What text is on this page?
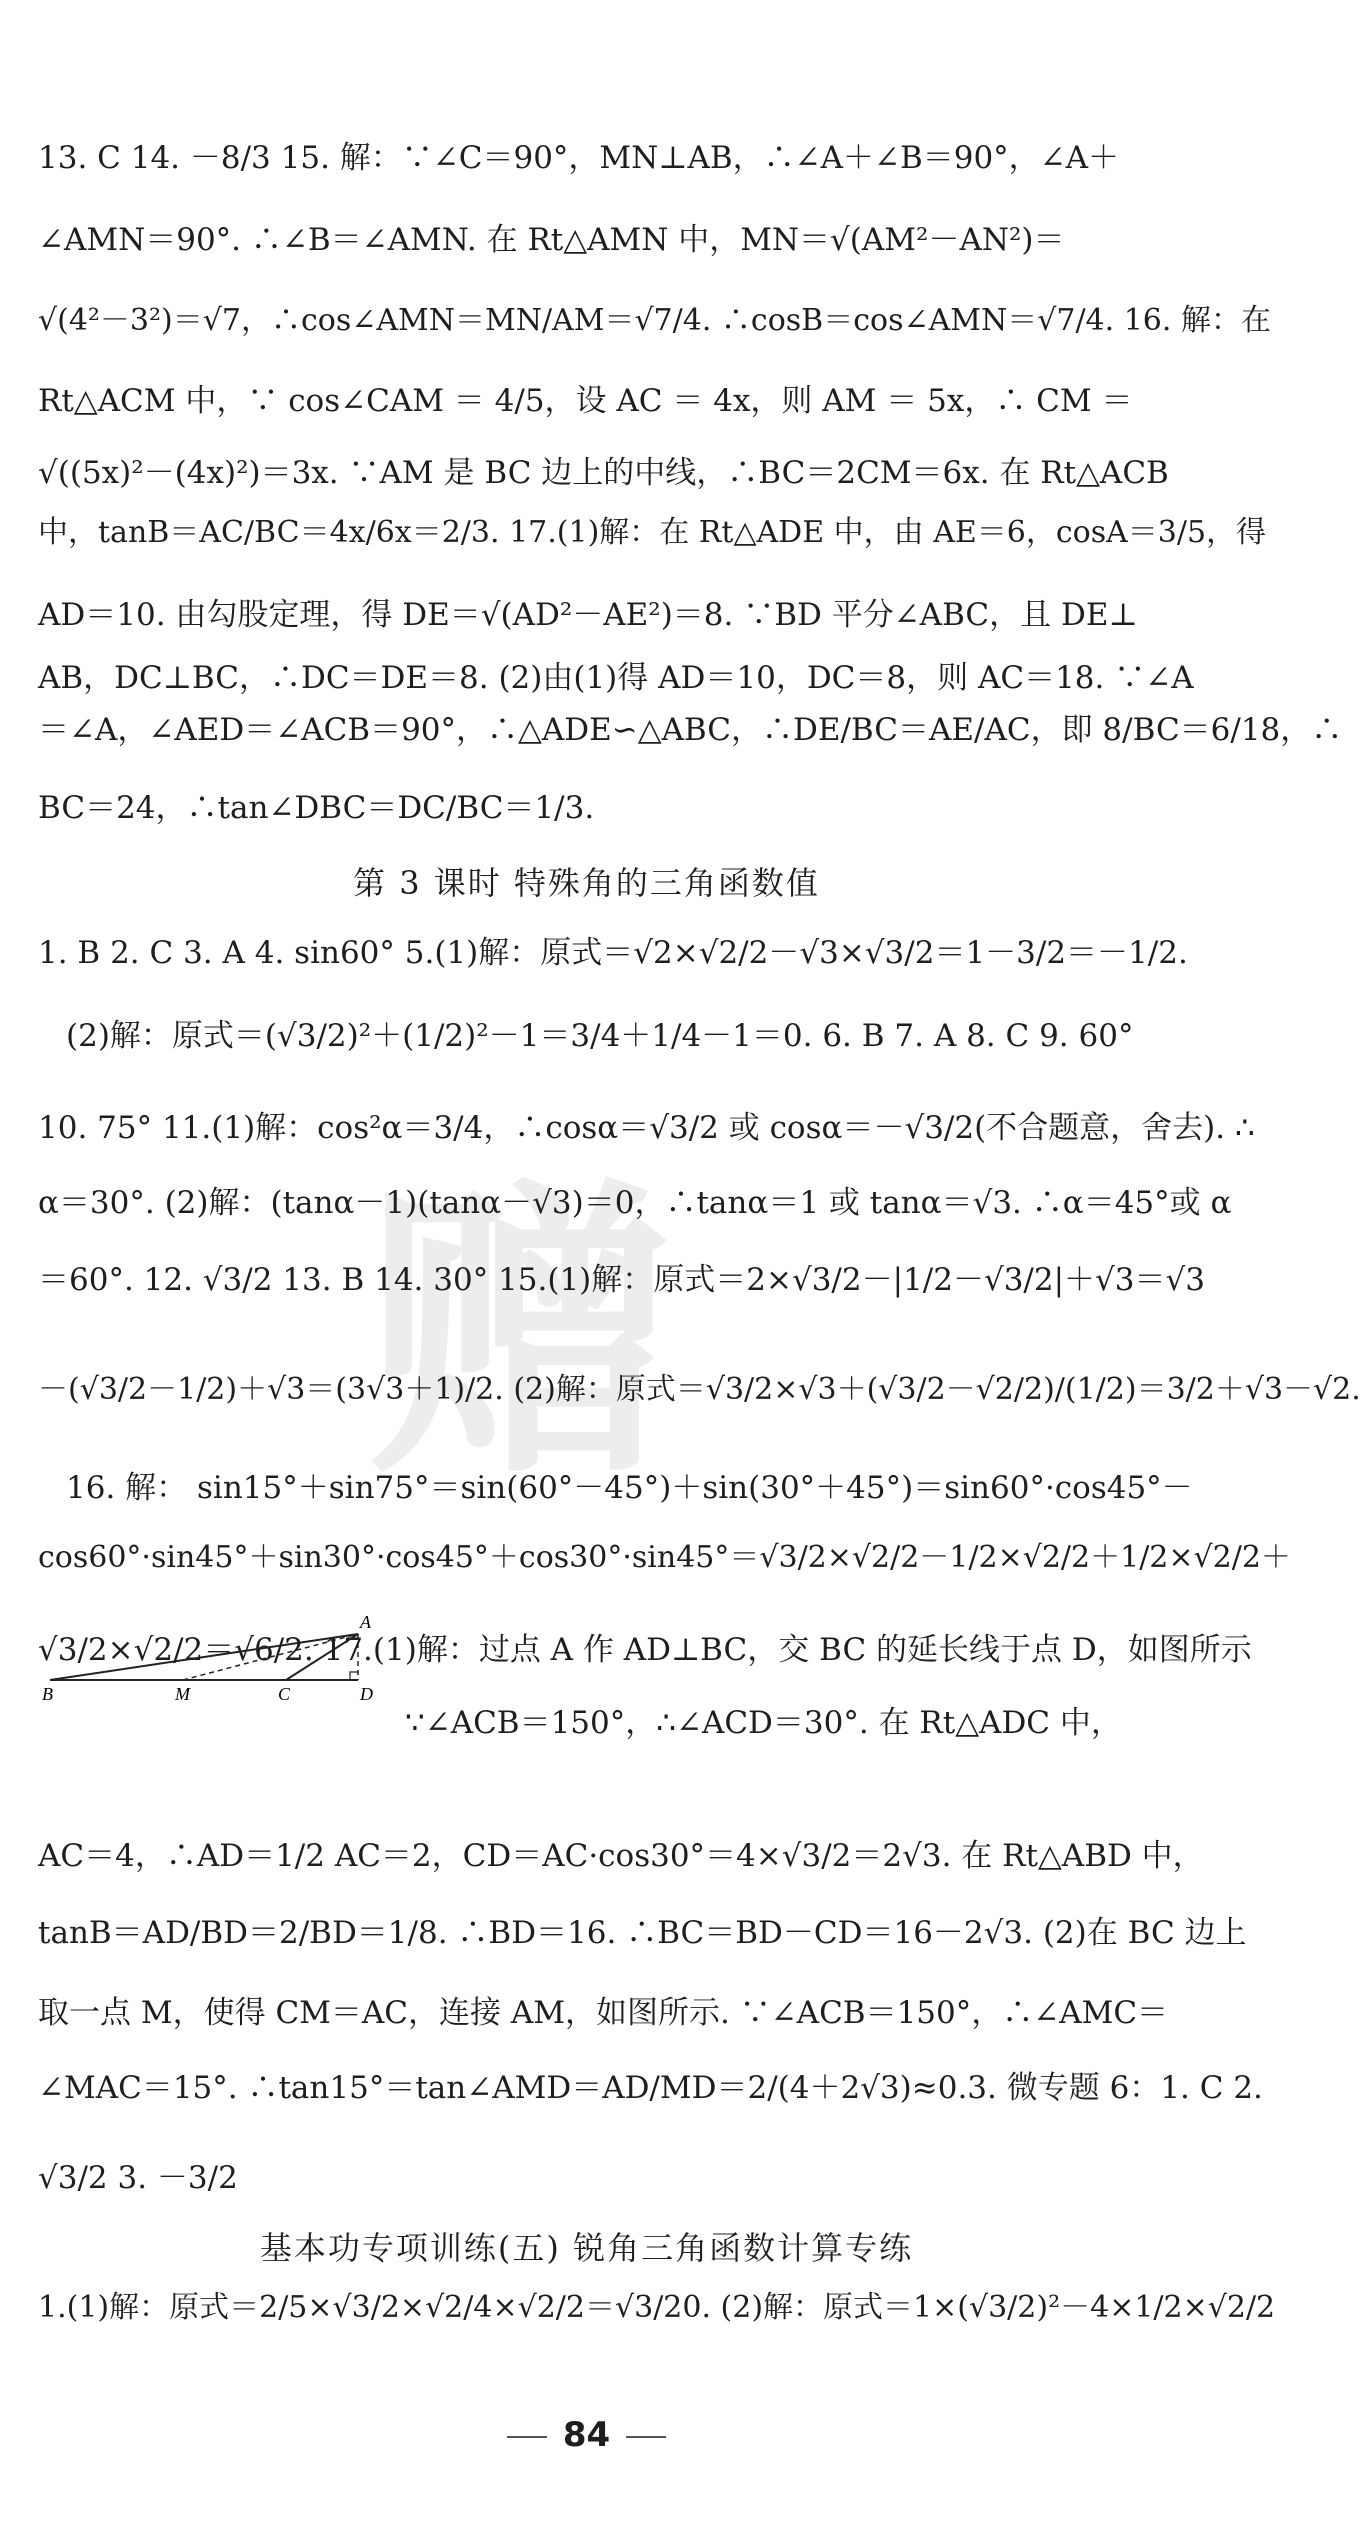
赠
13. C 14. －8/3 15. 解：∵∠C＝90°，MN⊥AB，∴∠A＋∠B＝90°，∠A＋
∠AMN＝90°. ∴∠B＝∠AMN. 在 Rt△AMN 中，MN＝√(AM²－AN²)＝
√(4²－3²)＝√7，∴cos∠AMN＝MN/AM＝√7/4. ∴cosB＝cos∠AMN＝√7/4. 16. 解：在
Rt△ACM 中，∵ cos∠CAM ＝ 4/5，设 AC ＝ 4x，则 AM ＝ 5x，∴ CM ＝
√((5x)²－(4x)²)＝3x. ∵AM 是 BC 边上的中线，∴BC＝2CM＝6x. 在 Rt△ACB
中，tanB＝AC/BC＝4x/6x＝2/3. 17.(1)解：在 Rt△ADE 中，由 AE＝6，cosA＝3/5，得
AD＝10. 由勾股定理，得 DE＝√(AD²－AE²)＝8. ∵BD 平分∠ABC，且 DE⊥
AB，DC⊥BC，∴DC＝DE＝8. (2)由(1)得 AD＝10，DC＝8，则 AC＝18. ∵∠A
＝∠A，∠AED＝∠ACB＝90°，∴△ADE∽△ABC，∴DE/BC＝AE/AC，即 8/BC＝6/18，∴
BC＝24，∴tan∠DBC＝DC/BC＝1/3.
第 3 课时 特殊角的三角函数值
1. B 2. C 3. A 4. sin60° 5.(1)解：原式＝√2×√2/2－√3×√3/2＝1－3/2＝－1/2.
(2)解：原式＝(√3/2)²＋(1/2)²－1＝3/4＋1/4－1＝0. 6. B 7. A 8. C 9. 60°
10. 75° 11.(1)解：cos²α＝3/4，∴cosα＝√3/2 或 cosα＝－√3/2(不合题意，舍去). ∴
α＝30°. (2)解：(tanα－1)(tanα－√3)＝0，∴tanα＝1 或 tanα＝√3. ∴α＝45°或 α
＝60°. 12. √3/2 13. B 14. 30° 15.(1)解：原式＝2×√3/2－|1/2－√3/2|＋√3＝√3
－(√3/2－1/2)＋√3＝(3√3＋1)/2. (2)解：原式＝√3/2×√3＋(√3/2－√2/2)/(1/2)＝3/2＋√3－√2.
16. 解： sin15°＋sin75°＝sin(60°－45°)＋sin(30°＋45°)＝sin60°·cos45°－
cos60°·sin45°＋sin30°·cos45°＋cos30°·sin45°＝√3/2×√2/2－1/2×√2/2＋1/2×√2/2＋
√3/2×√2/2＝√6/2. 17.(1)解：过点 A 作 AD⊥BC，交 BC 的延长线于点 D，如图所示
A
B	M	C	D
∵∠ACB＝150°，∴∠ACD＝30°. 在 Rt△ADC 中，
AC＝4，∴AD＝1/2 AC＝2，CD＝AC·cos30°＝4×√3/2＝2√3. 在 Rt△ABD 中，
tanB＝AD/BD＝2/BD＝1/8. ∴BD＝16. ∴BC＝BD－CD＝16－2√3. (2)在 BC 边上
取一点 M，使得 CM＝AC，连接 AM，如图所示. ∵∠ACB＝150°，∴∠AMC＝
∠MAC＝15°. ∴tan15°＝tan∠AMD＝AD/MD＝2/(4＋2√3)≈0.3. 微专题 6：1. C 2.
√3/2 3. －3/2
基本功专项训练(五) 锐角三角函数计算专练
1.(1)解：原式＝2/5×√3/2×√2/4×√2/2＝√3/20. (2)解：原式＝1×(√3/2)²－4×1/2×√2/2
84
